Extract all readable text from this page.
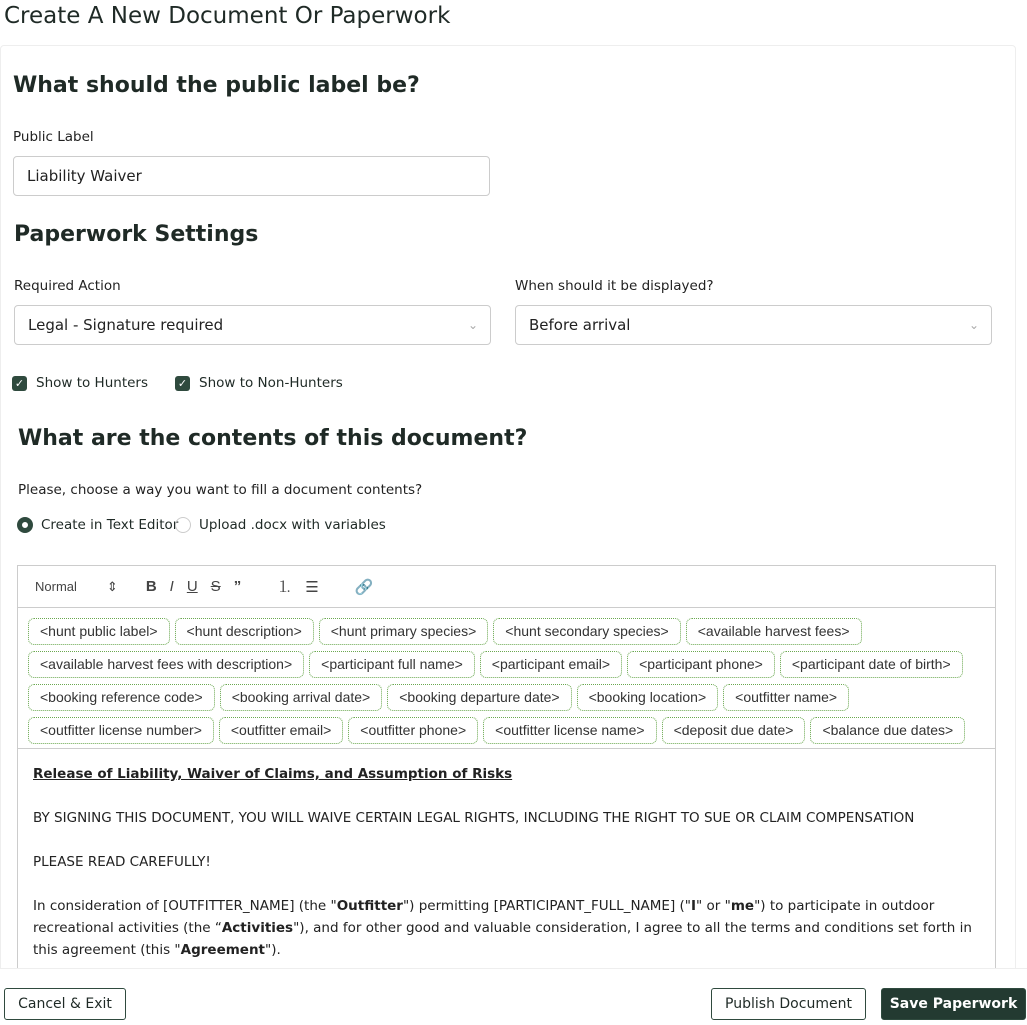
Create A New Document Or Paperwork
What should the public label be?
Public Label
Liability Waiver
Paperwork Settings
Required Action
Legal - Signature required	⌄
When should it be displayed?
Before arrival	⌄
✓ Show to Hunters	✓ Show to Non-Hunters
What are the contents of this document?
Please, choose a way you want to fill a document contents?
Create in Text Editor Upload .docx with variables
Normal ⇕ B I U S ” ⒈ ☰ 🔗
<hunt public label>	<hunt description>	<hunt primary species>	<hunt secondary species>	<available harvest fees>
<available harvest fees with description>	<participant full name>	<participant email>	<participant phone>	<participant date of birth>
<booking reference code>	<booking arrival date>	<booking departure date>	<booking location>	<outfitter name>
<outfitter license number>	<outfitter email>	<outfitter phone>	<outfitter license name>	<deposit due date>	<balance due dates>

Release of Liability, Waiver of Claims, and Assumption of Risks

BY SIGNING THIS DOCUMENT, YOU WILL WAIVE CERTAIN LEGAL RIGHTS, INCLUDING THE RIGHT TO SUE OR CLAIM COMPENSATION

PLEASE READ CAREFULLY!

In consideration of [OUTFITTER_NAME] (the "Outfitter") permitting [PARTICIPANT_FULL_NAME] ("I" or "me") to participate in outdoor recreational activities (the “Activities"), and for other good and valuable consideration, I agree to all the terms and conditions set forth in this agreement (this "Agreement").

Cancel & Exit	Publish Document	Save Paperwork
